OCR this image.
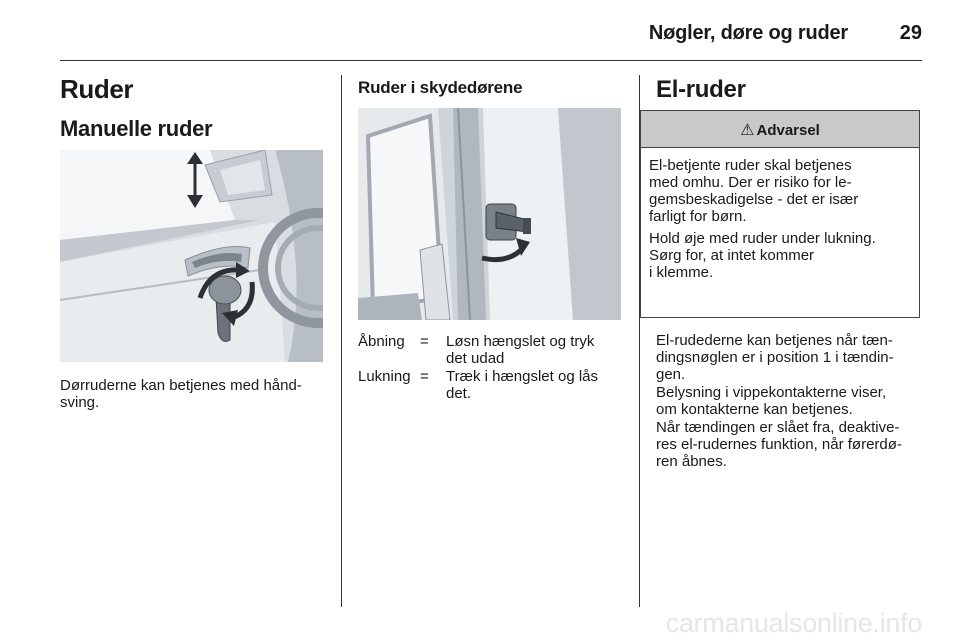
Nøgler, døre og ruder	29
Ruder
Manuelle ruder
Dørruderne kan betjenes med hånd-
sving.
Ruder i skydedørene
Åbning = Løsn hængslet og tryk
det udad
Lukning = Træk i hængslet og lås
det.
El-ruder
⚠ Advarsel
El-betjente ruder skal betjenes
med omhu. Der er risiko for le-
gemsbeskadigelse - det er især
farligt for børn.
Hold øje med ruder under lukning.
Sørg for, at intet kommer
i klemme.
El-rudederne kan betjenes når tæn-
dingsnøglen er i position 1 i tændin-
gen.
Belysning i vippekontakterne viser,
om kontakterne kan betjenes.
Når tændingen er slået fra, deaktive-
res el-rudernes funktion, når førerdø-
ren åbnes.
carmanualsonline.info
